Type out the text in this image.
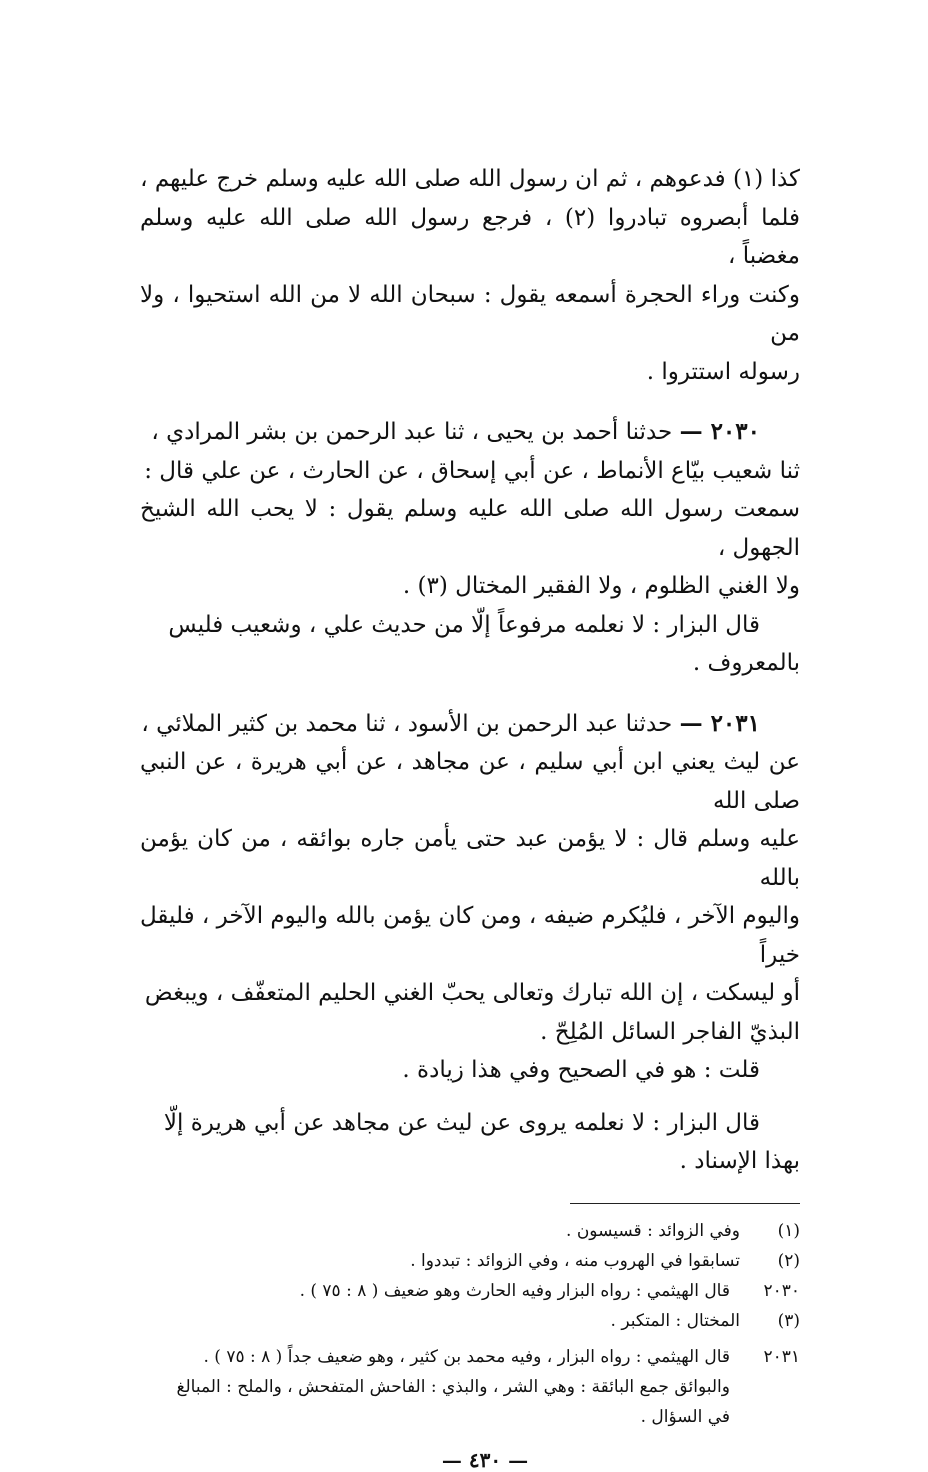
كذا (١) فدعوهم ، ثم ان رسول الله صلى الله عليه وسلم خرج عليهم ،

فلما أبصروه تبادروا (٢) ، فرجع رسول الله صلى الله عليه وسلم مغضباً ،

وكنت وراء الحجرة أسمعه يقول : سبحان الله لا من الله استحيوا ، ولا من

رسوله استتروا .

٢٠٣٠ — حدثنا أحمد بن يحيى ، ثنا عبد الرحمن بن بشر المرادي ،

ثنا شعيب بيّاع الأنماط ، عن أبي إسحاق ، عن الحارث ، عن علي قال :

سمعت رسول الله صلى الله عليه وسلم يقول : لا يحب الله الشيخ الجهول ،

ولا الغني الظلوم ، ولا الفقير المختال (٣) .

قال البزار : لا نعلمه مرفوعاً إلّا من حديث علي ، وشعيب فليس

بالمعروف .

٢٠٣١ — حدثنا عبد الرحمن بن الأسود ، ثنا محمد بن كثير الملائي ،

عن ليث يعني ابن أبي سليم ، عن مجاهد ، عن أبي هريرة ، عن النبي صلى الله

عليه وسلم قال : لا يؤمن عبد حتى يأمن جاره بوائقه ، من كان يؤمن بالله

واليوم الآخر ، فليُكرم ضيفه ، ومن كان يؤمن بالله واليوم الآخر ، فليقل خيراً

أو ليسكت ، إن الله تبارك وتعالى يحبّ الغني الحليم المتعفّف ، ويبغض

البذيّ الفاجر السائل المُلِحّ .

قلت : هو في الصحيح وفي هذا زيادة .

قال البزار : لا نعلمه يروى عن ليث عن مجاهد عن أبي هريرة إلّا

بهذا الإسناد .

(١)
وفي الزوائد : قسيسون .
(٢)
تسابقوا في الهروب منه ، وفي الزوائد : تبددوا .
٢٠٣٠
قال الهيثمي : رواه البزار وفيه الحارث وهو ضعيف ( ٨ : ٧٥ ) .
(٣)
المختال : المتكبر .
٢٠٣١
قال الهيثمي : رواه البزار ، وفيه محمد بن كثير ، وهو ضعيف جداً ( ٨ : ٧٥ ) .
والبوائق جمع البائقة : وهي الشر ، والبذي : الفاحش المتفحش ، والملح : المبالغ
في السؤال .
— ٤٣٠ —
